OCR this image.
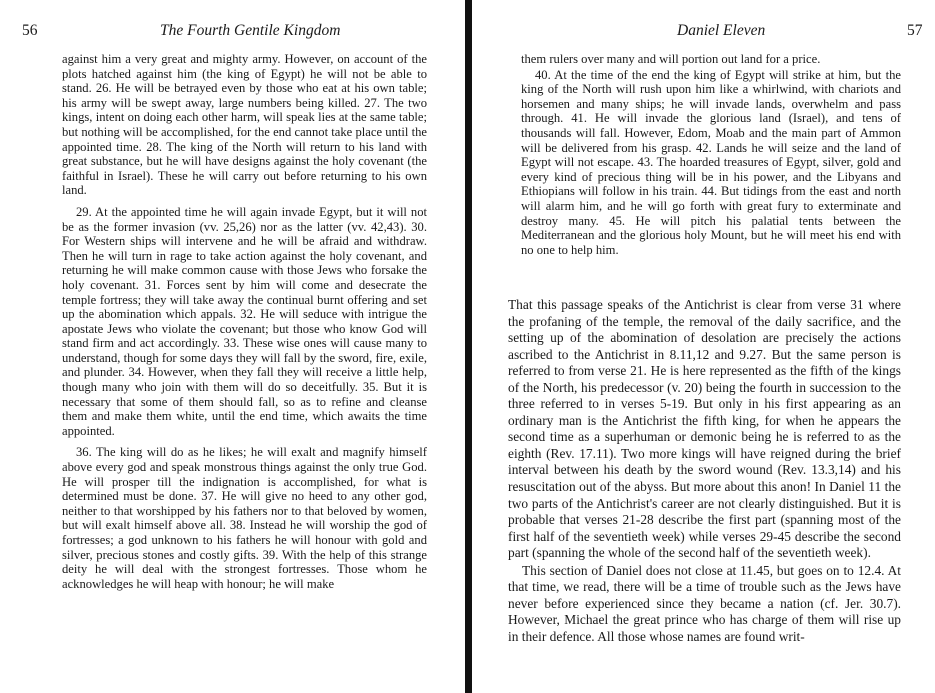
56	The Fourth Gentile Kingdom

against him a very great and mighty army. However, on account of the plots hatched against him (the king of Egypt) he will not be able to stand. 26. He will be betrayed even by those who eat at his own table; his army will be swept away, large numbers being killed. 27. The two kings, intent on doing each other harm, will speak lies at the same table; but nothing will be accomplished, for the end cannot take place until the appointed time. 28. The king of the North will return to his land with great substance, but he will have designs against the holy covenant (the faithful in Israel). These he will carry out before returning to his own land.

29. At the appointed time he will again invade Egypt, but it will not be as the former invasion (vv. 25,26) nor as the latter (vv. 42,43). 30. For Western ships will intervene and he will be afraid and withdraw. Then he will turn in rage to take action against the holy covenant, and returning he will make common cause with those Jews who forsake the holy covenant. 31. Forces sent by him will come and desecrate the temple fortress; they will take away the continual burnt offering and set up the abomination which appals. 32. He will seduce with intrigue the apostate Jews who violate the covenant; but those who know God will stand firm and act accordingly. 33. These wise ones will cause many to understand, though for some days they will fall by the sword, fire, exile, and plunder. 34. However, when they fall they will receive a little help, though many who join with them will do so deceitfully. 35. But it is necessary that some of them should fall, so as to refine and cleanse them and make them white, until the end time, which awaits the time appointed.

36. The king will do as he likes; he will exalt and magnify himself above every god and speak monstrous things against the only true God. He will prosper till the indignation is accomplished, for what is determined must be done. 37. He will give no heed to any other god, neither to that worshipped by his fathers nor to that beloved by women, but will exalt himself above all. 38. Instead he will worship the god of fortresses; a god unknown to his fathers he will honour with gold and silver, precious stones and costly gifts. 39. With the help of this strange deity he will deal with the strongest fortresses. Those whom he acknowledges he will heap with honour; he will make

Daniel Eleven	57

them rulers over many and will portion out land for a price.

40. At the time of the end the king of Egypt will strike at him, but the king of the North will rush upon him like a whirlwind, with chariots and horsemen and many ships; he will invade lands, overwhelm and pass through. 41. He will invade the glorious land (Israel), and tens of thousands will fall. However, Edom, Moab and the main part of Ammon will be delivered from his grasp. 42. Lands he will seize and the land of Egypt will not escape. 43. The hoarded treasures of Egypt, silver, gold and every kind of precious thing will be in his power, and the Libyans and Ethiopians will follow in his train. 44. But tidings from the east and north will alarm him, and he will go forth with great fury to exterminate and destroy many. 45. He will pitch his palatial tents between the Mediterranean and the glorious holy Mount, but he will meet his end with no one to help him.

That this passage speaks of the Antichrist is clear from verse 31 where the profaning of the temple, the removal of the daily sacrifice, and the setting up of the abomination of desolation are precisely the actions ascribed to the Antichrist in 8.11,12 and 9.27. But the same person is referred to from verse 21. He is here represented as the fifth of the kings of the North, his predecessor (v. 20) being the fourth in succession to the three referred to in verses 5-19. But only in his first appearing as an ordinary man is the Antichrist the fifth king, for when he appears the second time as a superhuman or demonic being he is referred to as the eighth (Rev. 17.11). Two more kings will have reigned during the brief interval between his death by the sword wound (Rev. 13.3,14) and his resuscitation out of the abyss. But more about this anon! In Daniel 11 the two parts of the Antichrist's career are not clearly distinguished. But it is probable that verses 21-28 describe the first part (spanning most of the first half of the seventieth week) while verses 29-45 describe the second part (spanning the whole of the second half of the seventieth week).

This section of Daniel does not close at 11.45, but goes on to 12.4. At that time, we read, there will be a time of trouble such as the Jews have never before experienced since they became a nation (cf. Jer. 30.7). However, Michael the great prince who has charge of them will rise up in their defence. All those whose names are found writ-
